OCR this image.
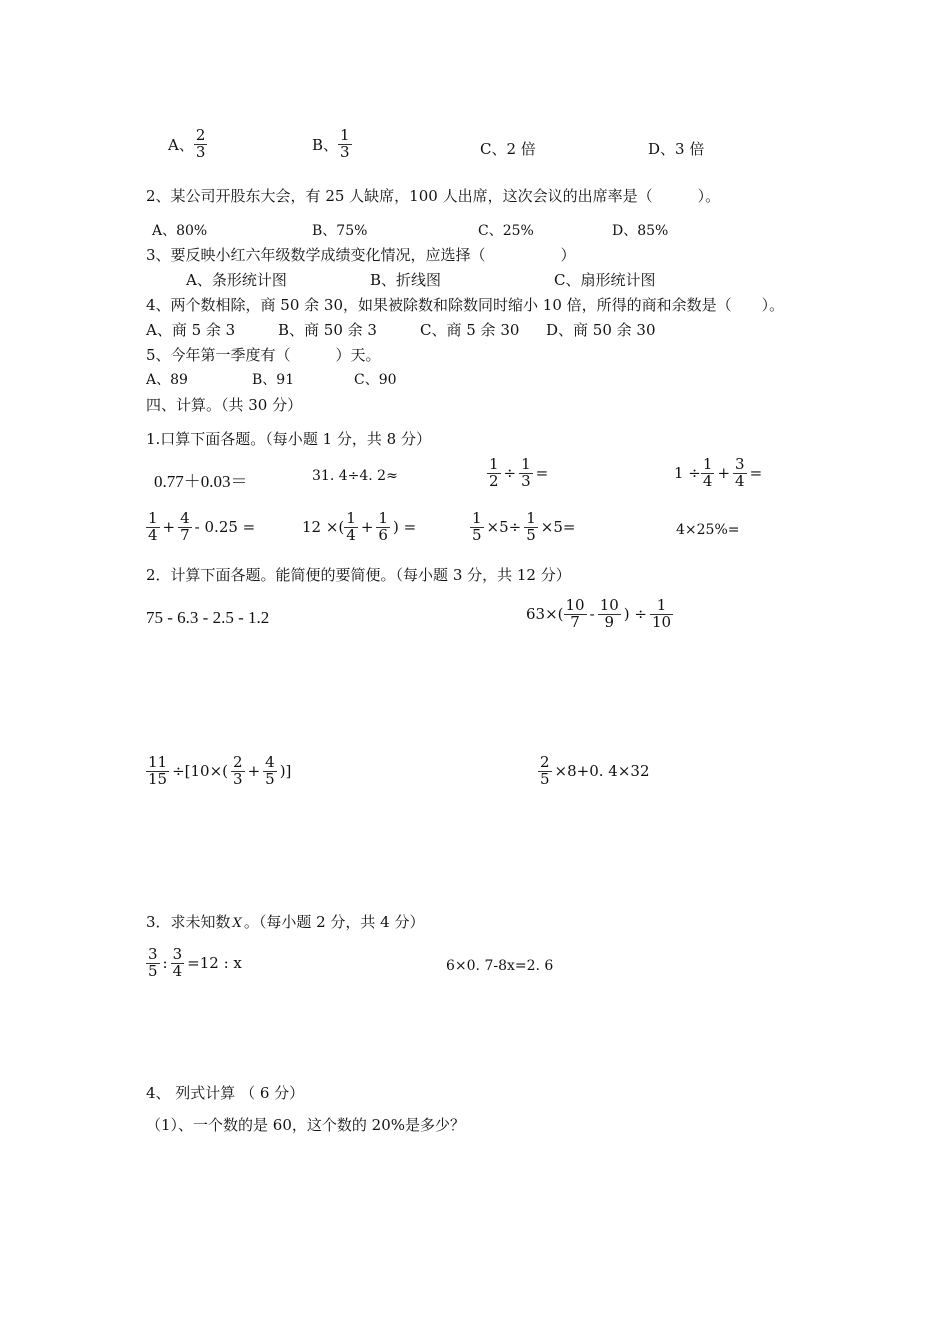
A、 $\frac{2}{3}$	B、 $\frac{1}{3}$	C、2 倍	D、3 倍
2、某公司开股东大会，有 25 人缺席，100 人出席，这次会议的出席率是（　　　）。
A、80%	B、75%	C、25%	D、85%
3、要反映小红六年级数学成绩变化情况，应选择（　　　　　）
A、条形统计图	B、折线图	C、扇形统计图
4、两个数相除，商 50 余 30，如果被除数和除数同时缩小 10 倍，所得的商和余数是（　　）。
A、商 5 余 3	B、商 50 余 3	C、商 5 余 30 D、商 50 余 30
5、今年第一季度有（　　　）天。
A、89	B、91	C、90
四、计算。（共 30 分）
1.口算下面各题。（每小题 1 分，共 8 分）
0.77＋0.03＝	31. 4÷4. 2≈	$\frac{1}{2} \div \frac{1}{3}$ =	$1 \div \frac{1}{4} + \frac{3}{4}$ =
$\frac{1}{4} + \frac{4}{7} - 0.25$ =	12 ×( $\frac{1}{4} + \frac{1}{6}$ ) =	$\frac{1}{5} \times 5\div \frac{1}{5} \times 5=$	4×25%=
2．计算下面各题。能简便的要简便。（每小题 3 分，共 12 分）
75 - 6.3 - 2.5 - 1.2	$63\times( \frac{10}{7} - \frac{10}{9}$ ) ÷ $\frac{1}{10}$
$\frac{11}{15} \div[10\times( \frac{2}{3} + \frac{4}{5}$ )]	$\frac{2}{5} \times 8+0$. 4×32
3．求未知数 X 。（每小题 2 分，共 4 分）
$\frac{3}{5}$ : $\frac{3}{4} =12$ : x	6×0. 7-8x=2. 6
4、 列式计算 （ 6 分）
（1）、一个数的是 60，这个数的 20%是多少？
